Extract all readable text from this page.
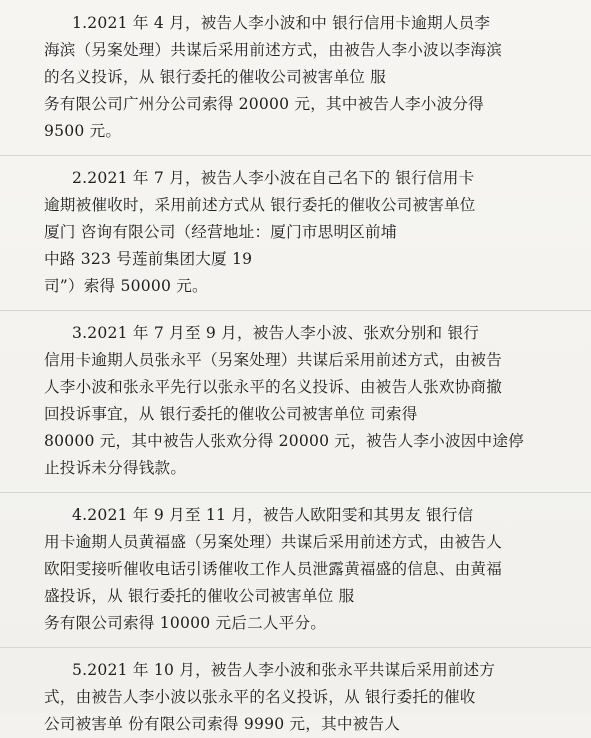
1.2021 年 4 月，被告人李小波和中 银行信用卡逾期人员李
海滨（另案处理）共谋后采用前述方式，由被告人李小波以李海滨
的名义投诉，从 银行委托的催收公司被害单位 服
务有限公司广州分公司索得 20000 元，其中被告人李小波分得
9500 元。
2.2021 年 7 月，被告人李小波在自己名下的 银行信用卡
逾期被催收时，采用前述方式从 银行委托的催收公司被害单位
厦门 咨询有限公司（经营地址：厦门市思明区前埔
中路 323 号莲前集团大厦 19
司”）索得 50000 元。
3.2021 年 7 月至 9 月，被告人李小波、张欢分别和 银行
信用卡逾期人员张永平（另案处理）共谋后采用前述方式，由被告
人李小波和张永平先行以张永平的名义投诉、由被告人张欢协商撤
回投诉事宜，从 银行委托的催收公司被害单位 司索得
80000 元，其中被告人张欢分得 20000 元，被告人李小波因中途停
止投诉未分得钱款。
4.2021 年 9 月至 11 月，被告人欧阳雯和其男友 银行信
用卡逾期人员黄福盛（另案处理）共谋后采用前述方式，由被告人
欧阳雯接听催收电话引诱催收工作人员泄露黄福盛的信息、由黄福
盛投诉，从 银行委托的催收公司被害单位 服
务有限公司索得 10000 元后二人平分。
5.2021 年 10 月，被告人李小波和张永平共谋后采用前述方
式，由被告人李小波以张永平的名义投诉，从 银行委托的催收
公司被害单 份有限公司索得 9990 元，其中被告人
